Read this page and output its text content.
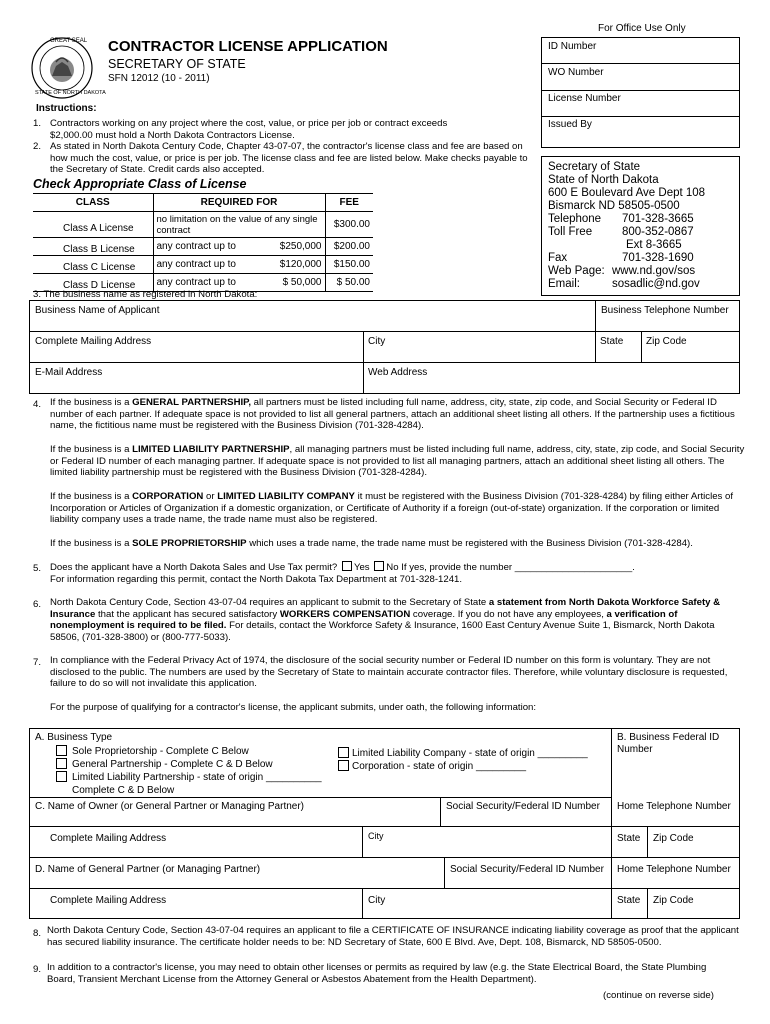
For Office Use Only
GREAT SEAL
STATE OF NORTH DAKOTA
CONTRACTOR LICENSE APPLICATION
SECRETARY OF STATE
SFN 12012 (10 - 2011)
ID Number
WO Number
License Number
Issued By
Secretary of State
State of North Dakota
600 E Boulevard Ave Dept 108
Bismarck ND 58505-0500
Telephone 701-328-3665
Toll Free	800-352-0867
Ext 8-3665
Fax	701-328-1690
Web Page: www.nd.gov/sos
Email:	sosadlic@nd.gov
Instructions:
1. Contractors working on any project where the cost, value, or price per job or contract exceeds $2,000.00 must hold a North Dakota Contractors License.
2. As stated in North Dakota Century Code, Chapter 43-07-07, the contractor's license class and fee are based on how much the cost, value, or price is per job. The license class and fee are listed below. Make checks payable to the Secretary of State. Credit cards also accepted.
Check Appropriate Class of License
CLASS	REQUIRED FOR	FEE
Class A License	no limitation on the value of any single contract	$300.00
Class B License	any contract up to $250,000	$200.00
Class C License	any contract up to $120,000	$150.00
Class D License	any contract up to $ 50,000	$ 50.00
3. The business name as registered in North Dakota:
Business Name of Applicant	Business Telephone Number
Complete Mailing Address	City	State Zip Code
E-Mail Address	Web Address
4. If the business is a GENERAL PARTNERSHIP, all partners must be listed including full name, address, city, state, zip code, and Social Security or Federal ID number of each partner. If adequate space is not provided to list all general partners, attach an additional sheet listing all others. If the partnership uses a fictitious name, the fictitious name must be registered with the Business Division (701-328-4284).
If the business is a LIMITED LIABILITY PARTNERSHIP, all managing partners must be listed including full name, address, city, state, zip code, and Social Security or Federal ID number of each managing partner. If adequate space is not provided to list all managing partners, attach an additional sheet listing all others. The limited liability partnership must be registered with the Business Division (701-328-4284).
If the business is a CORPORATION or LIMITED LIABILITY COMPANY it must be registered with the Business Division (701-328-4284) by filing either Articles of Incorporation or Articles of Organization if a domestic organization, or Certificate of Authority if a foreign (out-of-state) organization. If the corporation or limited liability company uses a trade name, the trade name must also be registered.
If the business is a SOLE PROPRIETORSHIP which uses a trade name, the trade name must be registered with the Business Division (701-328-4284).
5. Does the applicant have a North Dakota Sales and Use Tax permit? Yes No If yes, provide the number ______________________.
For information regarding this permit, contact the North Dakota Tax Department at 701-328-1241.
6. North Dakota Century Code, Section 43-07-04 requires an applicant to submit to the Secretary of State a statement from North Dakota Workforce Safety & Insurance that the applicant has secured satisfactory WORKERS COMPENSATION coverage. If you do not have any employees, a verification of nonemployment is required to be filed. For details, contact the Workforce Safety & Insurance, 1600 East Century Avenue Suite 1, Bismarck, North Dakota 58506, (701-328-3800) or (800-777-5033).
7. In compliance with the Federal Privacy Act of 1974, the disclosure of the social security number or Federal ID number on this form is voluntary. They are not disclosed to the public. The numbers are used by the Secretary of State to maintain accurate contractor files. Therefore, while voluntary disclosure is requested, failure to do so will not invalidate this application.
For the purpose of qualifying for a contractor's license, the applicant submits, under oath, the following information:
A. Business Type
Sole Proprietorship - Complete C Below
General Partnership - Complete C & D Below
Limited Liability Partnership - state of origin __________
Complete C & D Below
Limited Liability Company - state of origin _________
Corporation - state of origin _________
B. Business Federal ID Number
C. Name of Owner (or General Partner or Managing Partner)	Social Security/Federal ID Number Home Telephone Number
Complete Mailing Address	City	State Zip Code
D. Name of General Partner (or Managing Partner)	Social Security/Federal ID Number Home Telephone Number
Complete Mailing Address	City	State Zip Code
8. North Dakota Century Code, Section 43-07-04 requires an applicant to file a CERTIFICATE OF INSURANCE indicating liability coverage as proof that the applicant has secured liability insurance. The certificate holder needs to be: ND Secretary of State, 600 E Blvd. Ave, Dept. 108, Bismarck, ND 58505-0500.
9. In addition to a contractor's license, you may need to obtain other licenses or permits as required by law (e.g. the State Electrical Board, the State Plumbing Board, Transient Merchant License from the Attorney General or Asbestos Abatement from the Health Department).
(continue on reverse side)
